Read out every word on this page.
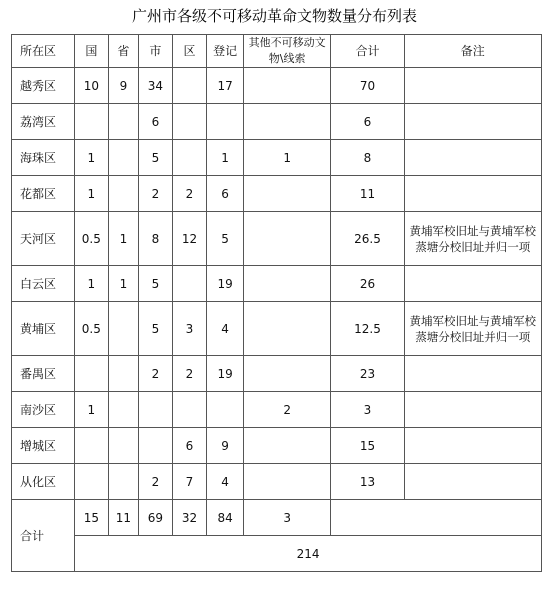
广州市各级不可移动革命文物数量分布列表
所在区	国	省	市	区	登记	其他不可移动文物\线索	合计	备注
越秀区	10	9	34		17		70	
荔湾区			6				6	
海珠区	1		5		1	1	8	
花都区	1		2	2	6		11	
天河区	0.5	1	8	12	5		26.5	黄埔军校旧址与黄埔军校蒸塘分校旧址并归一项
白云区	1	1	5		19		26	
黄埔区	0.5		5	3	4		12.5	黄埔军校旧址与黄埔军校蒸塘分校旧址并归一项
番禺区			2	2	19		23	
南沙区	1					2	3	
增城区				6	9		15	
从化区			2	7	4		13	
合计	15	11	69	32	84	3		
	214							
